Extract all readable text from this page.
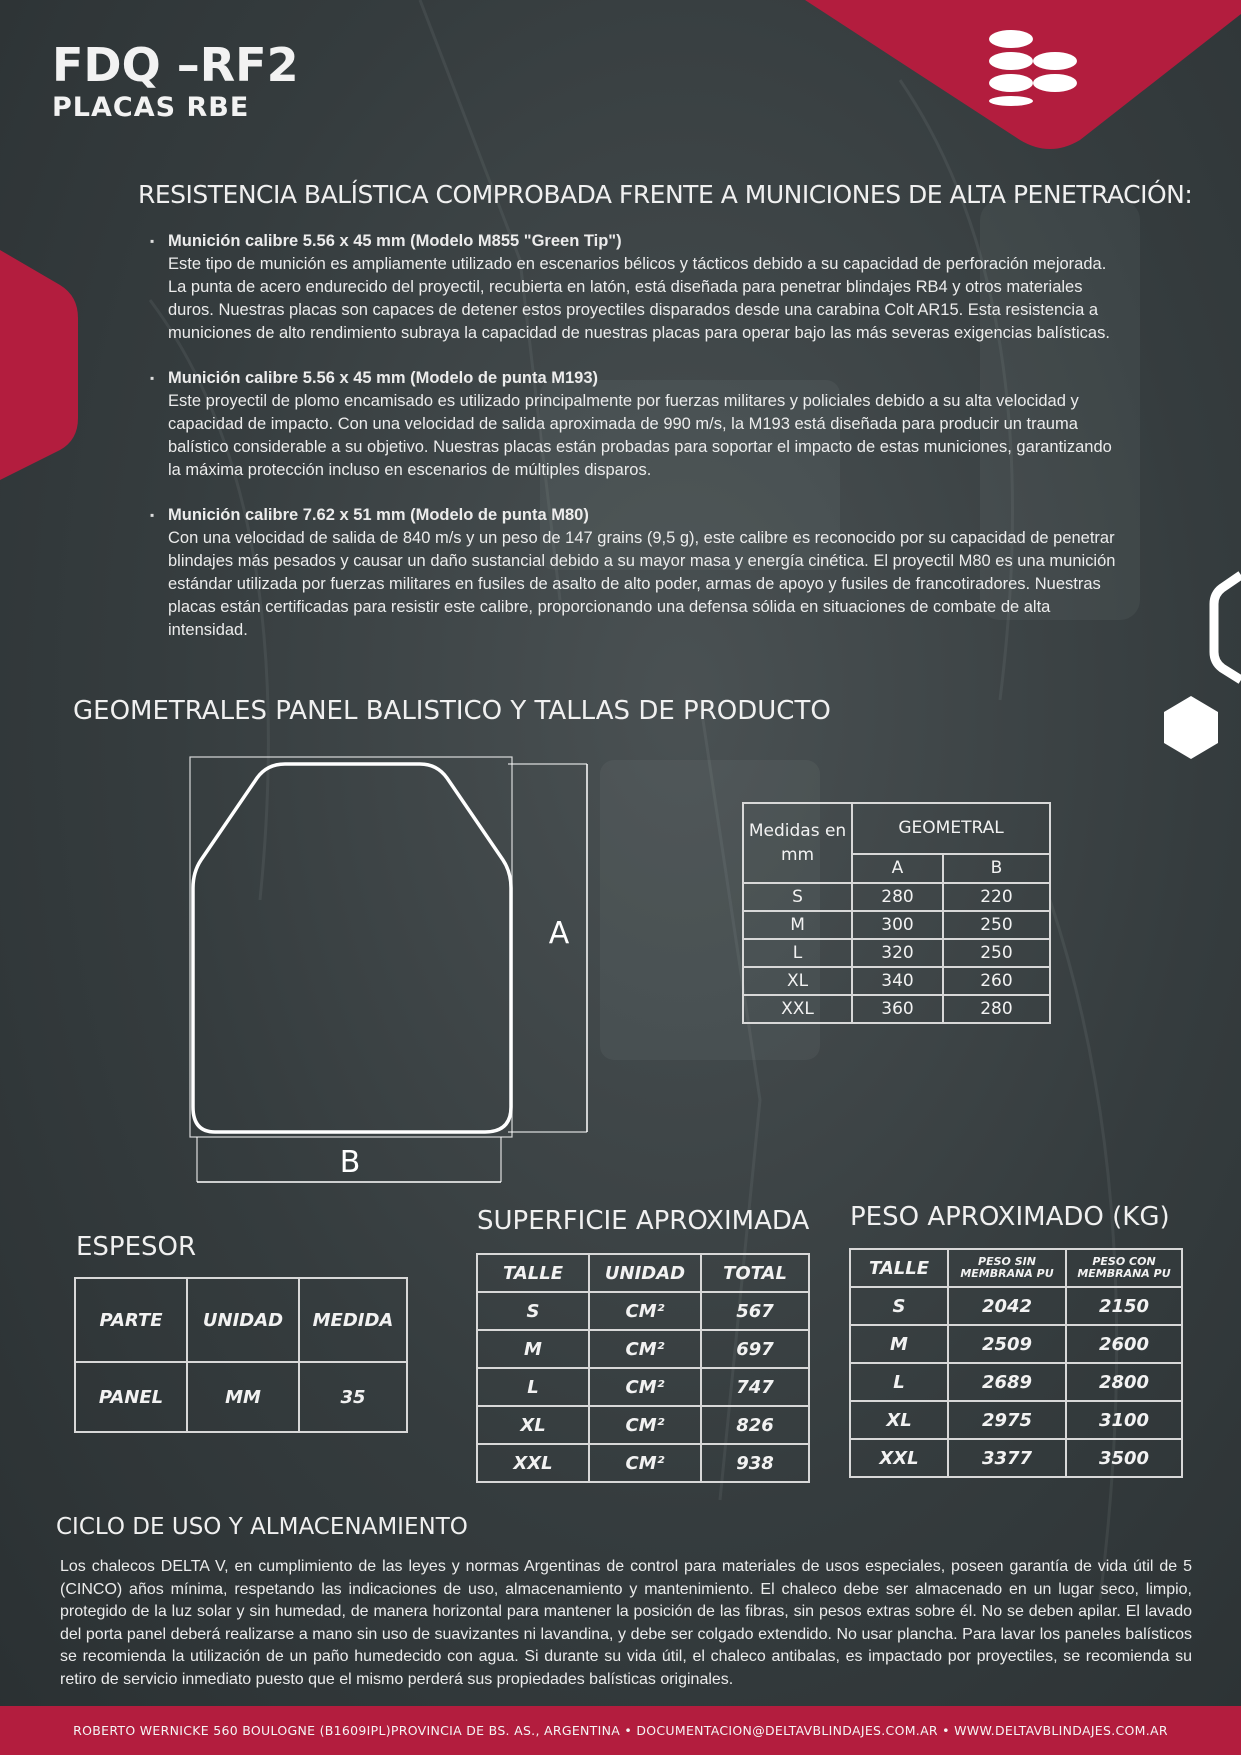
FDQ –RF2
PLACAS RBE
RESISTENCIA BALÍSTICA COMPROBADA FRENTE A MUNICIONES DE ALTA PENETRACIÓN:
▪ Munición calibre 5.56 x 45 mm (Modelo M855 "Green Tip")
Este tipo de munición es ampliamente utilizado en escenarios bélicos y tácticos debido a su capacidad de perforación mejorada. La punta de acero endurecido del proyectil, recubierta en latón, está diseñada para penetrar blindajes RB4 y otros materiales duros. Nuestras placas son capaces de detener estos proyectiles disparados desde una carabina Colt AR15. Esta resistencia a municiones de alto rendimiento subraya la capacidad de nuestras placas para operar bajo las más severas exigencias balísticas.
▪ Munición calibre 5.56 x 45 mm (Modelo de punta M193)
Este proyectil de plomo encamisado es utilizado principalmente por fuerzas militares y policiales debido a su alta velocidad y capacidad de impacto. Con una velocidad de salida aproximada de 990 m/s, la M193 está diseñada para producir un trauma balístico considerable a su objetivo. Nuestras placas están probadas para soportar el impacto de estas municiones, garantizando la máxima protección incluso en escenarios de múltiples disparos.
▪ Munición calibre 7.62 x 51 mm (Modelo de punta M80)
Con una velocidad de salida de 840 m/s y un peso de 147 grains (9,5 g), este calibre es reconocido por su capacidad de penetrar blindajes más pesados y causar un daño sustancial debido a su mayor masa y energía cinética. El proyectil M80 es una munición estándar utilizada por fuerzas militares en fusiles de asalto de alto poder, armas de apoyo y fusiles de francotiradores. Nuestras placas están certificadas para resistir este calibre, proporcionando una defensa sólida en situaciones de combate de alta intensidad.
GEOMETRALES PANEL BALISTICO Y TALLAS DE PRODUCTO
A
B
Medidas en mm	GEOMETRAL	
	A	B
S	280	220
M	300	250
L	320	250
XL	340	260
XXL	360	280
ESPESOR
PARTE	UNIDAD	MEDIDA
PANEL	MM	35
SUPERFICIE APROXIMADA
TALLE	UNIDAD	TOTAL
S	CM²	567
M	CM²	697
L	CM²	747
XL	CM²	826
XXL	CM²	938
PESO APROXIMADO (KG)
TALLE	PESO SIN MEMBRANA PU	PESO CON MEMBRANA PU
S	2042	2150
M	2509	2600
L	2689	2800
XL	2975	3100
XXL	3377	3500
CICLO DE USO Y ALMACENAMIENTO
Los chalecos DELTA V, en cumplimiento de las leyes y normas Argentinas de control para materiales de usos especiales, poseen garantía de vida útil de 5 (CINCO) años mínima, respetando las indicaciones de uso, almacenamiento y mantenimiento. El chaleco debe ser almacenado en un lugar seco, limpio, protegido de la luz solar y sin humedad, de manera horizontal para mantener la posición de las fibras, sin pesos extras sobre él. No se deben apilar. El lavado del porta panel deberá realizarse a mano sin uso de suavizantes ni lavandina, y debe ser colgado extendido. No usar plancha. Para lavar los paneles balísticos se recomienda la utilización de un paño humedecido con agua. Si durante su vida útil, el chaleco antibalas, es impactado por proyectiles, se recomienda su retiro de servicio inmediato puesto que el mismo perderá sus propiedades balísticas originales.
ROBERTO WERNICKE 560 BOULOGNE (B1609IPL)PROVINCIA DE BS. AS., ARGENTINA • DOCUMENTACION@DELTAVBLINDAJES.COM.AR • WWW.DELTAVBLINDAJES.COM.AR
